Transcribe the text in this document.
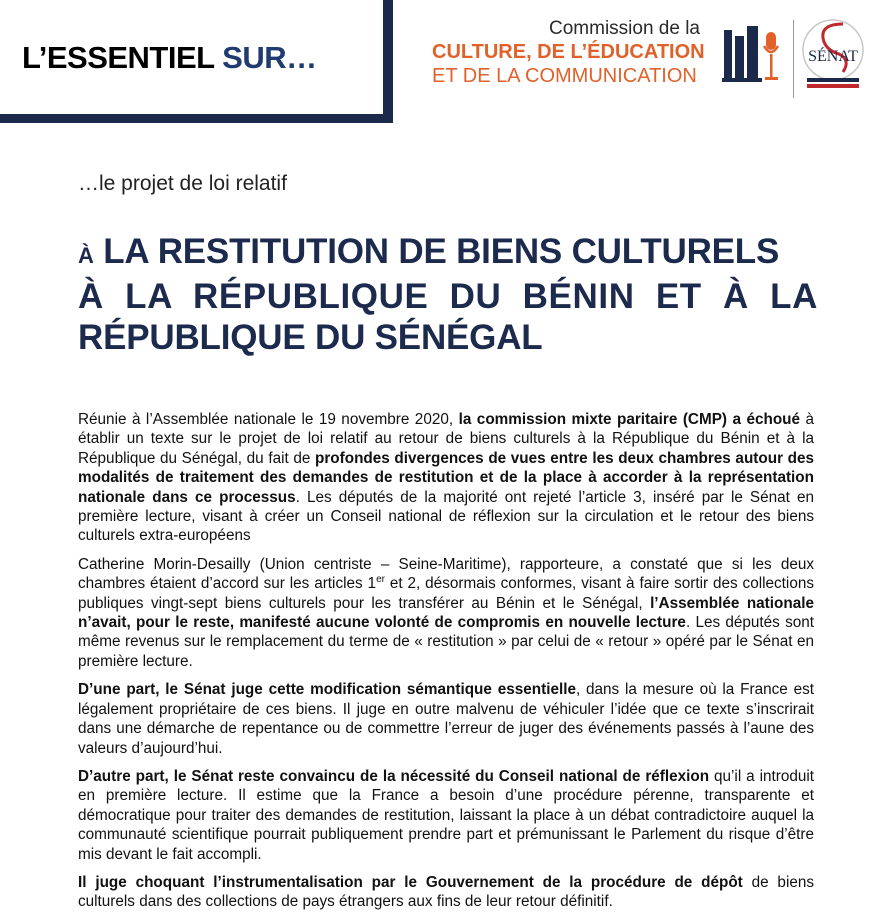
L’ESSENTIEL SUR…
Commission de la
CULTURE, DE L’ÉDUCATION
ET DE LA COMMUNICATION
SÉNAT
…le projet de loi relatif
À LA RESTITUTION DE BIENS CULTURELS
À LA RÉPUBLIQUE DU BÉNIN ET À LA
RÉPUBLIQUE DU SÉNÉGAL

Réunie à l’Assemblée nationale le 19 novembre 2020, la commission mixte paritaire (CMP) a échoué à établir un texte sur le projet de loi relatif au retour de biens culturels à la République du Bénin et à la République du Sénégal, du fait de profondes divergences de vues entre les deux chambres autour des modalités de traitement des demandes de restitution et de la place à accorder à la représentation nationale dans ce processus. Les députés de la majorité ont rejeté l’article 3, inséré par le Sénat en première lecture, visant à créer un Conseil national de réflexion sur la circulation et le retour des biens culturels extra-européens

Catherine Morin-Desailly (Union centriste – Seine-Maritime), rapporteure, a constaté que si les deux chambres étaient d’accord sur les articles 1er et 2, désormais conformes, visant à faire sortir des collections publiques vingt-sept biens culturels pour les transférer au Bénin et le Sénégal, l’Assemblée nationale n’avait, pour le reste, manifesté aucune volonté de compromis en nouvelle lecture. Les députés sont même revenus sur le remplacement du terme de « restitution » par celui de « retour » opéré par le Sénat en première lecture.

D’une part, le Sénat juge cette modification sémantique essentielle, dans la mesure où la France est légalement propriétaire de ces biens. Il juge en outre malvenu de véhiculer l’idée que ce texte s’inscrirait dans une démarche de repentance ou de commettre l’erreur de juger des événements passés à l’aune des valeurs d’aujourd’hui.

D’autre part, le Sénat reste convaincu de la nécessité du Conseil national de réflexion qu’il a introduit en première lecture. Il estime que la France a besoin d’une procédure pérenne, transparente et démocratique pour traiter des demandes de restitution, laissant la place à un débat contradictoire auquel la communauté scientifique pourrait publiquement prendre part et prémunissant le Parlement du risque d’être mis devant le fait accompli.

Il juge choquant l’instrumentalisation par le Gouvernement de la procédure de dépôt de biens culturels dans des collections de pays étrangers aux fins de leur retour définitif.
